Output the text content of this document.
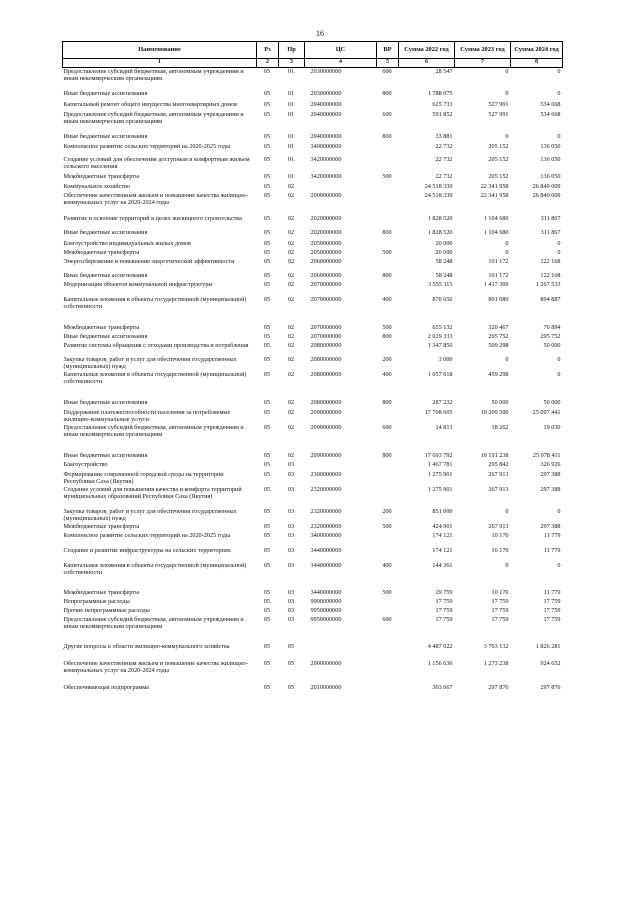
16
Наименование	Рз	Пр	ЦС	ВР	Сумма 2022 год	Сумма 2023 год	Сумма 2024 год
1	2	3	4	5	6	7	8
Предоставление субсидий бюджетным, автономным учреждениям и иным некоммерческим организациям	05	01	2030000000	600	28 547	0	0
Иные бюджетные ассигнования	05	01	2030000000	800	1 788 075	0	0
Капитальный ремонт общего имущества многоквартирных домов	05	01	2040000000		625 733	527 991	534 668
Предоставление субсидий бюджетным, автономным учреждениям и иным некоммерческим организациям	05	01	2040000000	600	591 852	527 991	534 668
Иные бюджетные ассигнования	05	01	2040000000	800	33 881	0	0
Комплексное развитие сельских территорий на 2020-2025 годы	05	01	3400000000		22 732	205 152	136 050
Создание условий для обеспечения доступным и комфортным жильем сельского населения	05	01	3420000000		22 732	205 152	136 050
Межбюджетные трансферты	05	01	3420000000	500	22 732	205 152	136 050
Коммунальное хозяйство	05	02			24 518 339	22 341 958	26 849 009
Обеспечение качественным жильем и повышение качества жилищно-коммунальных услуг на 2020-2024 годы	05	02	2000000000		24 518 339	22 341 958	26 849 009
Развитие и освоение территорий в целях жилищного строительства	05	02	2020000000		1 828 520	1 104 680	311 867
Иные бюджетные ассигнования	05	02	2020000000	800	1 828 520	1 104 680	311 867
Благоустройство индивидуальных жилых домов	05	02	2050000000		20 000	0	0
Межбюджетные трансферты	05	02	2050000000	500	20 000	0	0
Энергосбережение и повышение энергетической эффективности	05	02	2060000000		58 248	101 172	122 168
Иные бюджетные ассигнования	05	02	2060000000	800	58 248	101 172	122 168
Модернизация объектов коммунальной инфраструктуры	05	02	2070000000		3 555 115	1 417 309	1 267 533
Капитальные вложения в объекты государственной (муниципальной) собственности	05	02	2070000000	400	870 650	801 089	894 887
Межбюджетные трансферты	05	02	2070000000	500	655 132	320 467	76 894
Иные бюджетные ассигнования	05	02	2070000000	800	2 029 333	295 752	295 752
Развитие системы обращения с отходами производства и потребления	05	02	2080000000		1 347 850	509 298	50 000
Закупка товаров, работ и услуг для обеспечения государственных (муниципальных) нужд	05	02	2080000000	200	3 000	0	0
Капитальные вложения в объекты государственной (муниципальной) собственности	05	02	2080000000	400	1 057 618	459 298	0
Иные бюджетные ассигнования	05	02	2080000000	800	287 232	50 000	50 000
Поддержание платежеспособности населения за потребляемые жилищно-коммунальные услуги	05	02	2090000000		17 708 605	19 209 500	25 097 441
Предоставление субсидий бюджетным, автономным учреждениям и иным некоммерческим организациям	05	02	2090000000	600	14 813	18 262	19 030
Иные бюджетные ассигнования	05	02	2090000000	800	17 693 792	19 191 238	25 078 411
Благоустройство	05	03			1 467 781	295 842	326 926
Формирование современной городской среды на территории Республики Саха (Якутия)	05	03	2300000000		1 275 901	267 913	297 388
Создание условий для повышения качества и комфорта территорий муниципальных образований Республики Саха (Якутия)	05	03	2320000000		1 275 901	267 913	297 388
Закупка товаров, работ и услуг для обеспечения государственных (муниципальных) нужд	05	03	2320000000	200	851 000	0	0
Межбюджетные трансферты	05	03	2320000000	500	424 901	267 913	297 388
Комплексное развитие сельских территорий на 2020-2025 годы	05	03	3400000000		174 121	10 170	11 779
Создание и развитие инфраструктуры на сельских территориях	05	03	3440000000		174 121	10 170	11 779
Капитальные вложения в объекты государственной (муниципальной) собственности	05	03	3440000000	400	144 361	0	0
Межбюджетные трансферты	05	03	3440000000	500	29 759	10 170	11 779
Непрограммные расходы	05	03	9900000000		17 759	17 759	17 759
Прочие непрограммные расходы	05	03	9950000000		17 759	17 759	17 759
Предоставление субсидий бюджетным, автономным учреждениям и иным некоммерческим организациям	05	03	9950000000	600	17 759	17 759	17 759
Другие вопросы в области жилищно-коммунального хозяйства	05	05			4 487 022	3 763 132	1 826 281
Обеспечение качественным жильем и повышение качества жилищно-коммунальных услуг на 2020-2024 годы	05	05	2000000000		1 156 636	1 273 238	924 652
Обеспечивающая подпрограмма	05	05	2010000000		303 067	297 876	297 876
